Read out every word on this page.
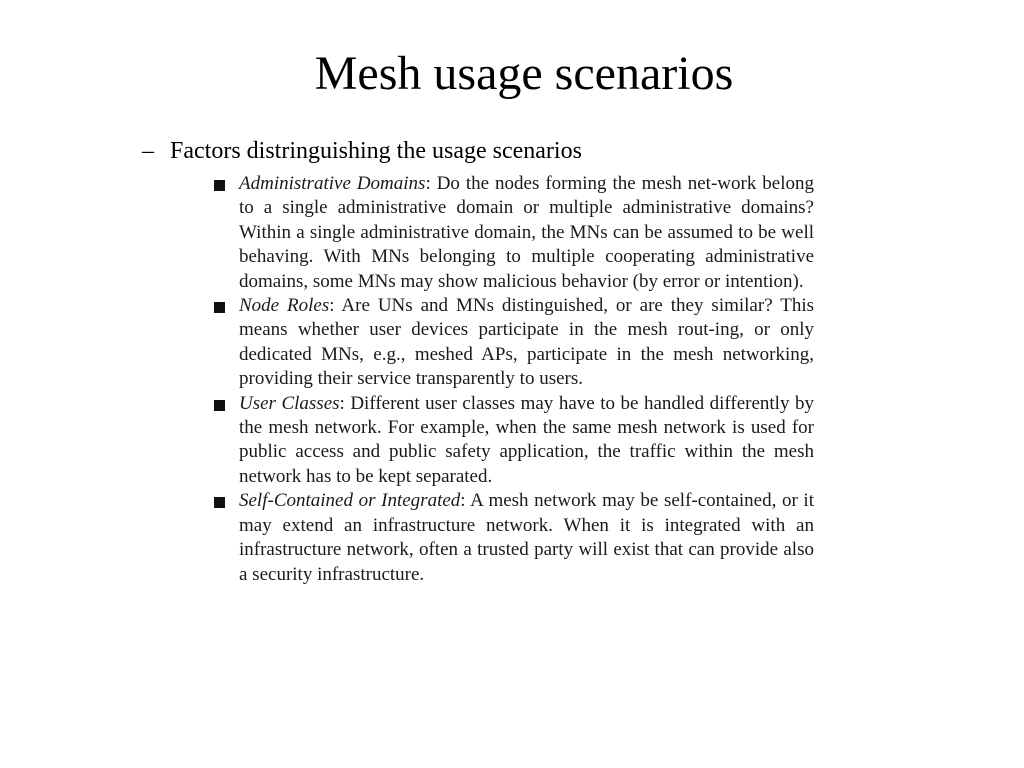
Mesh usage scenarios
– Factors distringuishing the usage scenarios
Administrative Domains: Do the nodes forming the mesh net-work belong to a single administrative domain or multiple administrative domains? Within a single administrative domain, the MNs can be assumed to be well behaving. With MNs belonging to multiple cooperating administrative domains, some MNs may show malicious behavior (by error or intention).
Node Roles: Are UNs and MNs distinguished, or are they similar? This means whether user devices participate in the mesh rout-ing, or only dedicated MNs, e.g., meshed APs, participate in the mesh networking, providing their service transparently to users.
User Classes: Different user classes may have to be handled differently by the mesh network. For example, when the same mesh network is used for public access and public safety application, the traffic within the mesh network has to be kept separated.
Self-Contained or Integrated: A mesh network may be self-contained, or it may extend an infrastructure network. When it is integrated with an infrastructure network, often a trusted party will exist that can provide also a security infrastructure.
